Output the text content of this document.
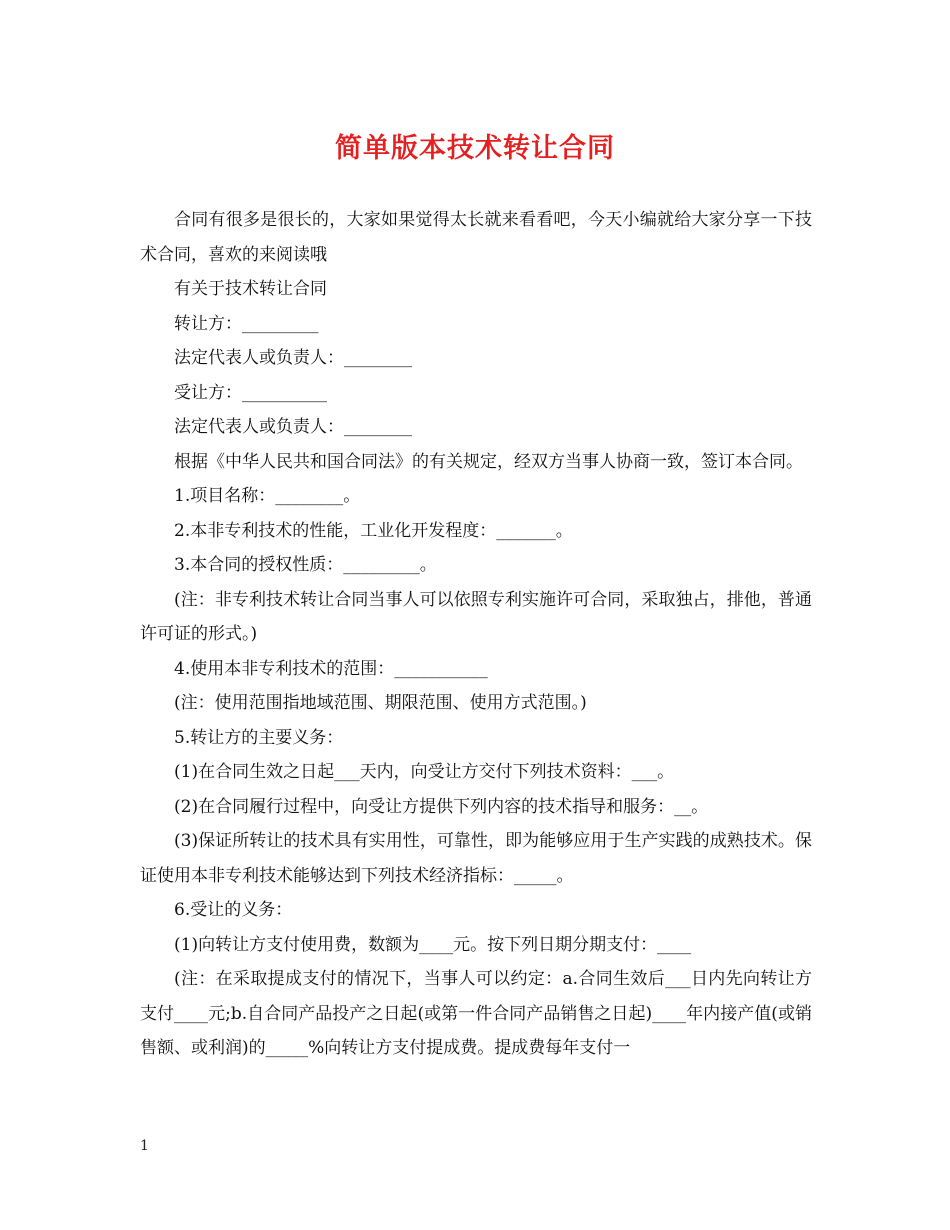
简单版本技术转让合同

合同有很多是很长的，大家如果觉得太长就来看看吧，今天小编就给大家分享一下技术合同，喜欢的来阅读哦

有关于技术转让合同

转让方：_________

法定代表人或负责人：________

受让方：__________

法定代表人或负责人：________

根据《中华人民共和国合同法》的有关规定，经双方当事人协商一致，签订本合同。

1.项目名称：________。

2.本非专利技术的性能，工业化开发程度：_______。

3.本合同的授权性质：_________。

(注：非专利技术转让合同当事人可以依照专利实施许可合同，采取独占，排他，普通许可证的形式。)

4.使用本非专利技术的范围：___________

(注：使用范围指地域范围、期限范围、使用方式范围。)

5.转让方的主要义务：

(1)在合同生效之日起___天内，向受让方交付下列技术资料：___。

(2)在合同履行过程中，向受让方提供下列内容的技术指导和服务：__。

(3)保证所转让的技术具有实用性，可靠性，即为能够应用于生产实践的成熟技术。保证使用本非专利技术能够达到下列技术经济指标：_____。

6.受让的义务：

(1)向转让方支付使用费，数额为____元。按下列日期分期支付：____

(注：在采取提成支付的情况下，当事人可以约定：a.合同生效后___日内先向转让方支付____元;b.自合同产品投产之日起(或第一件合同产品销售之日起)____年内接产值(或销售额、或利润)的_____%向转让方支付提成费。提成费每年支付一

1
